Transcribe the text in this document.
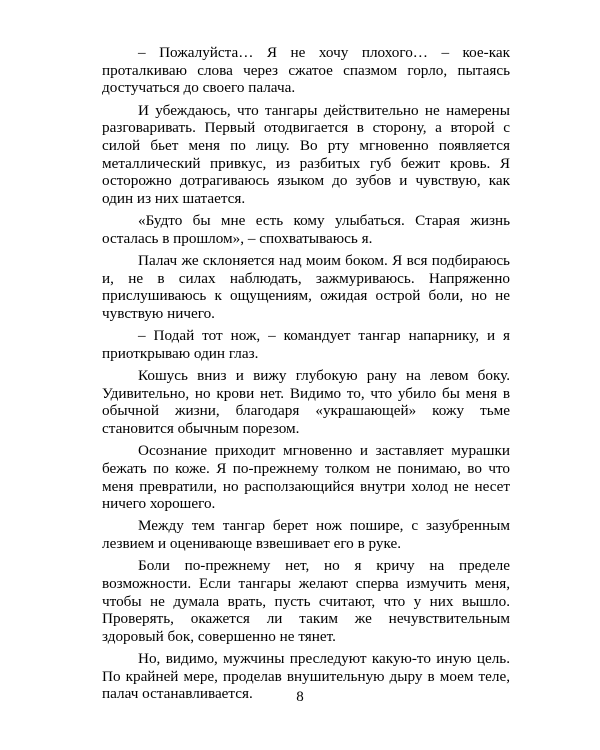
– Пожалуйста… Я не хочу плохого… – кое-как проталкиваю слова через сжатое спазмом горло, пытаясь достучаться до своего палача.

И убеждаюсь, что тангары действительно не намерены разговаривать. Первый отодвигается в сторону, а второй с силой бьет меня по лицу. Во рту мгновенно появляется металлический привкус, из разбитых губ бежит кровь. Я осторожно дотрагиваюсь языком до зубов и чувствую, как один из них шатается.

«Будто бы мне есть кому улыбаться. Старая жизнь осталась в прошлом», – спохватываюсь я.

Палач же склоняется над моим боком. Я вся подбираюсь и, не в силах наблюдать, зажмуриваюсь. Напряженно прислушиваюсь к ощущениям, ожидая острой боли, но не чувствую ничего.

– Подай тот нож, – командует тангар напарнику, и я приоткрываю один глаз.

Кошусь вниз и вижу глубокую рану на левом боку. Удивительно, но крови нет. Видимо то, что убило бы меня в обычной жизни, благодаря «украшающей» кожу тьме становится обычным порезом.

Осознание приходит мгновенно и заставляет мурашки бежать по коже. Я по-прежнему толком не понимаю, во что меня превратили, но расползающийся внутри холод не несет ничего хорошего.

Между тем тангар берет нож пошире, с зазубренным лезвием и оценивающе взвешивает его в руке.

Боли по-прежнему нет, но я кричу на пределе возможности. Если тангары желают сперва измучить меня, чтобы не думала врать, пусть считают, что у них вышло. Проверять, окажется ли таким же нечувствительным здоровый бок, совершенно не тянет.

Но, видимо, мужчины преследуют какую-то иную цель. По крайней мере, проделав внушительную дыру в моем теле, палач останавливается.	8
